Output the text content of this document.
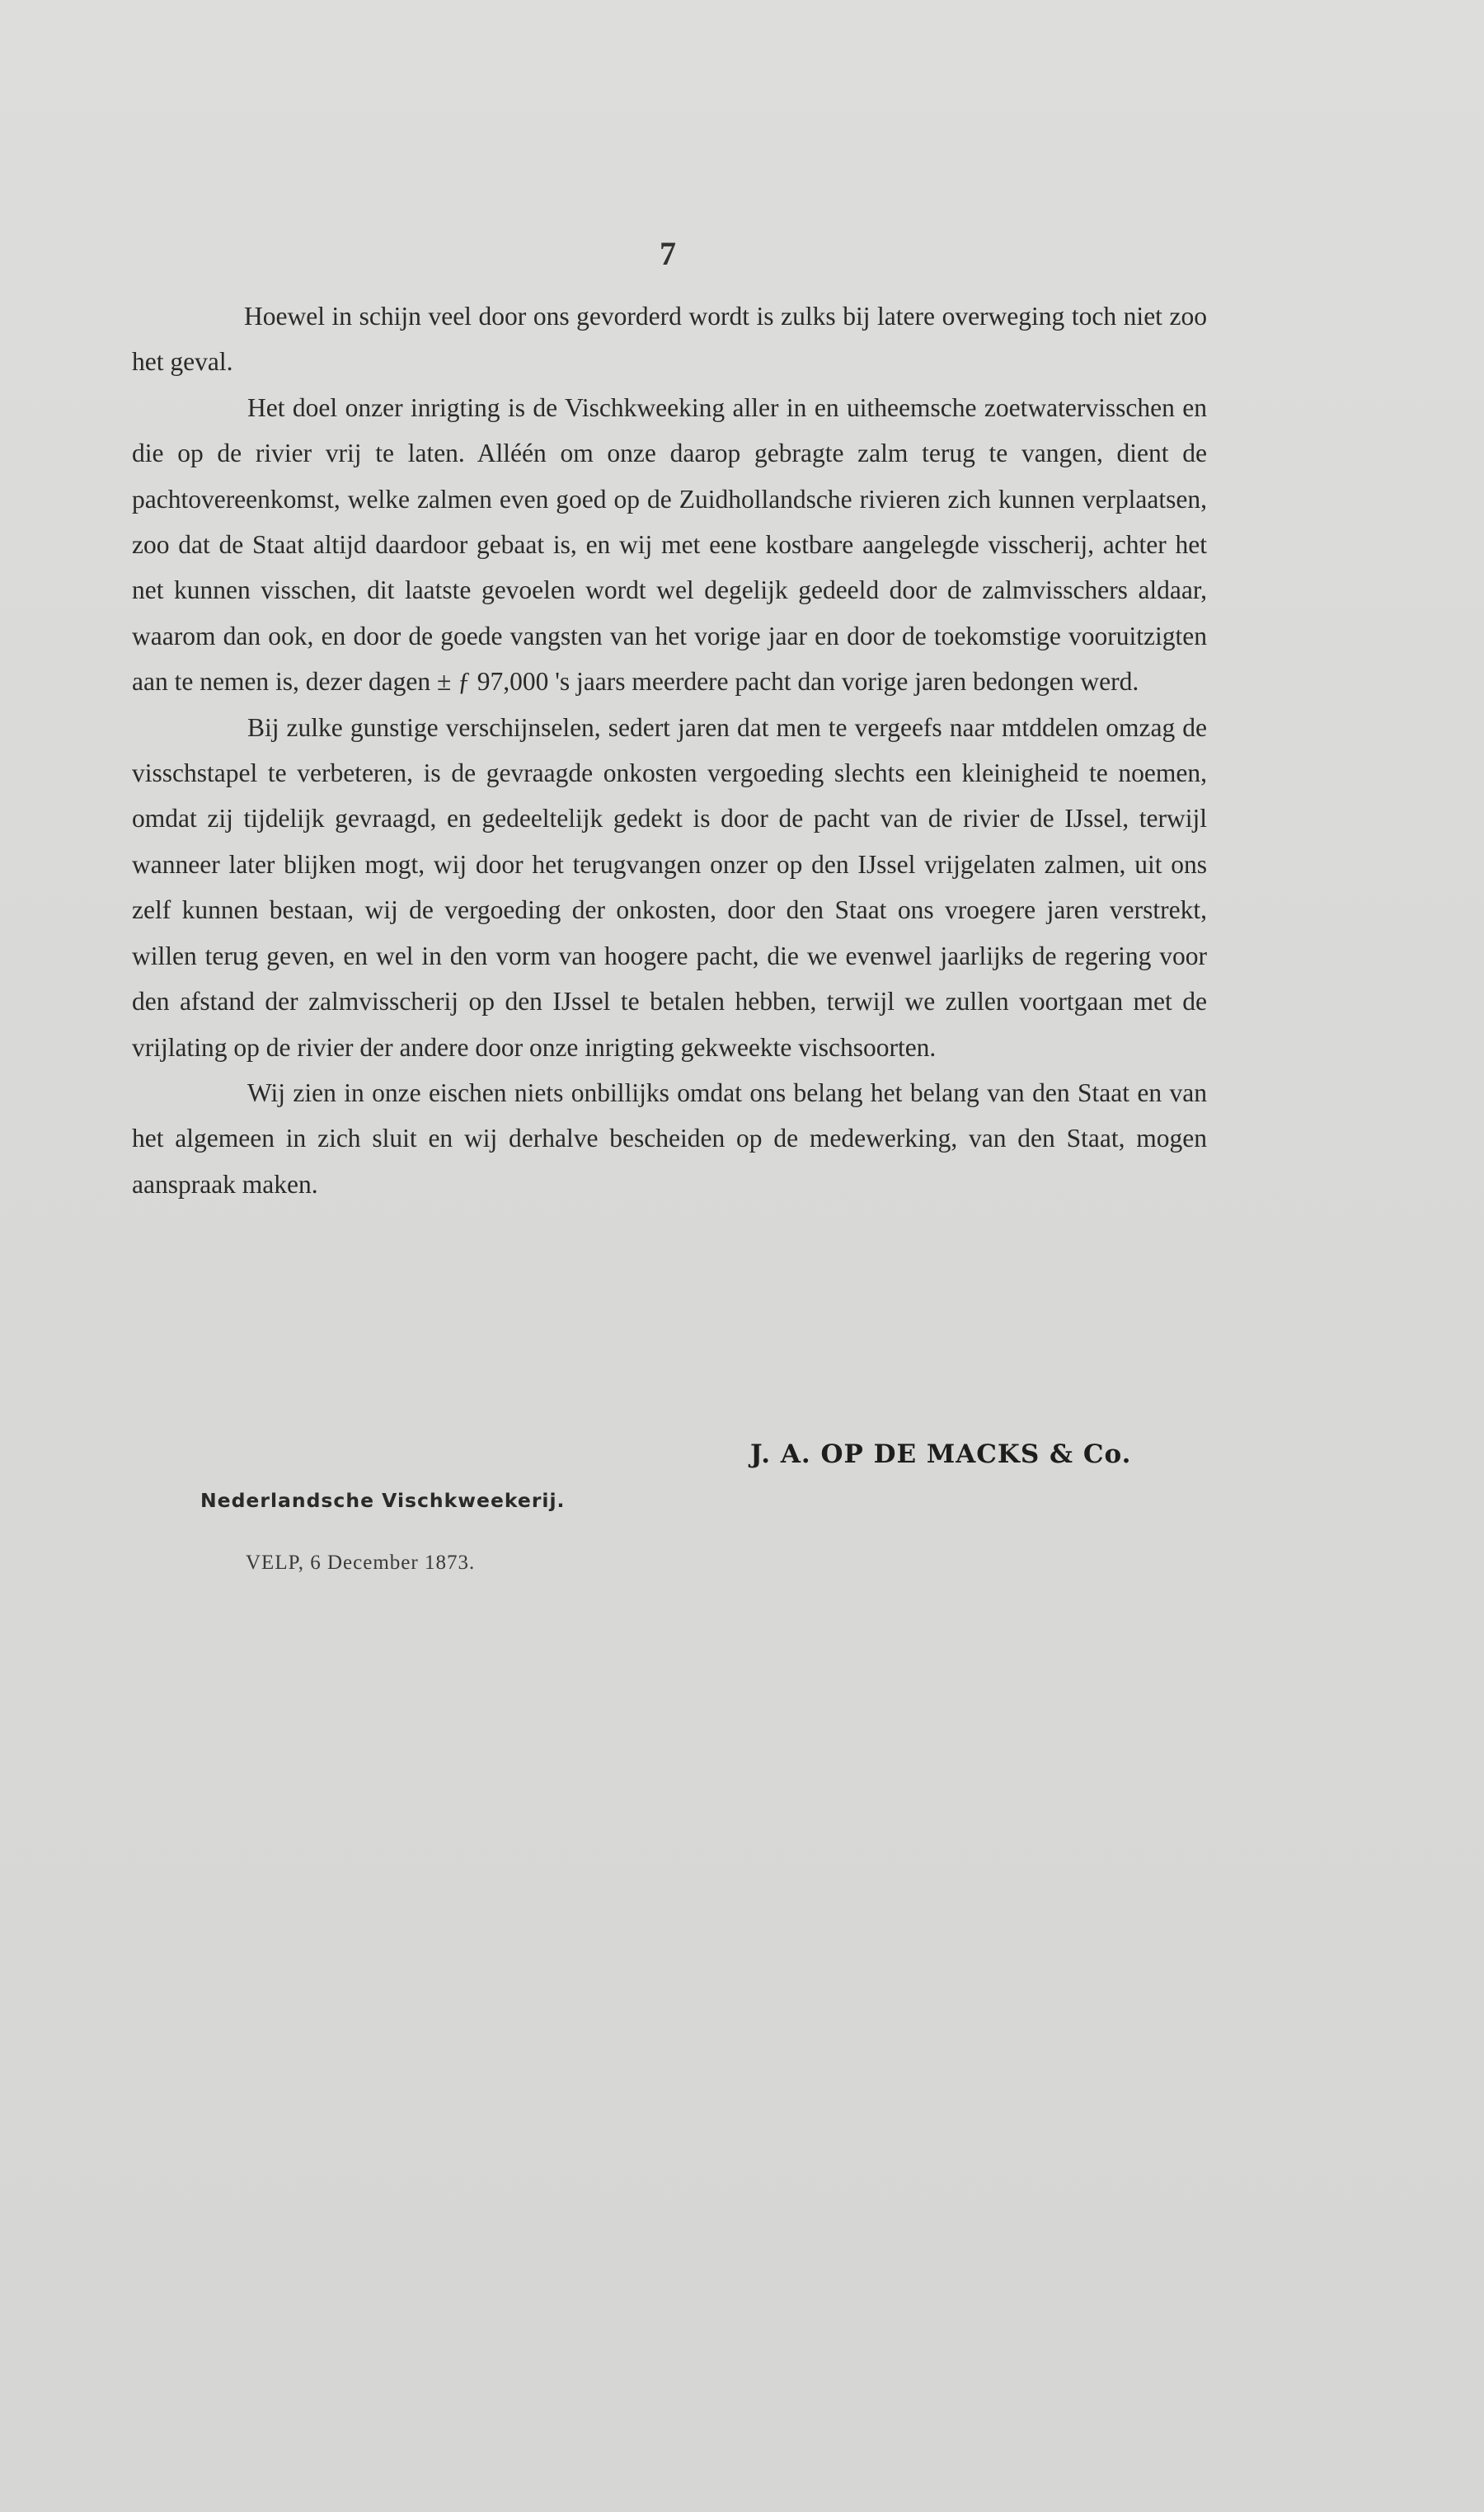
7

Hoewel in schijn veel door ons gevorderd wordt is zulks bij latere overweging toch niet zoo het geval.

Het doel onzer inrigting is de Vischkweeking aller in en uitheemsche zoetwatervisschen en die op de rivier vrij te laten. Alléén om onze daarop gebragte zalm terug te vangen, dient de pachtovereenkomst, welke zalmen even goed op de Zuidhollandsche rivieren zich kunnen verplaatsen, zoo dat de Staat altijd daardoor gebaat is, en wij met eene kostbare aangelegde visscherij, achter het net kunnen visschen, dit laatste gevoelen wordt wel degelijk gedeeld door de zalmvisschers aldaar, waarom dan ook, en door de goede vangsten van het vorige jaar en door de toekomstige vooruitzigten aan te nemen is, dezer dagen ± ƒ 97,000 's jaars meerdere pacht dan vorige jaren bedongen werd.

Bij zulke gunstige verschijnselen, sedert jaren dat men te vergeefs naar mtddelen omzag de visschstapel te verbeteren, is de gevraagde onkosten vergoeding slechts een kleinigheid te noemen, omdat zij tijdelijk gevraagd, en gedeeltelijk gedekt is door de pacht van de rivier de IJssel, terwijl wanneer later blijken mogt, wij door het terugvangen onzer op den IJssel vrijgelaten zalmen, uit ons zelf kunnen bestaan, wij de vergoeding der onkosten, door den Staat ons vroegere jaren verstrekt, willen terug geven, en wel in den vorm van hoogere pacht, die we evenwel jaarlijks de regering voor den afstand der zalmvisscherij op den IJssel te betalen hebben, terwijl we zullen voortgaan met de vrijlating op de rivier der andere door onze inrigting gekweekte vischsoorten.

Wij zien in onze eischen niets onbillijks omdat ons belang het belang van den Staat en van het algemeen in zich sluit en wij derhalve bescheiden op de medewerking, van den Staat, mogen aanspraak maken.

J. A. OP DE MACKS & Co.
Nederlandsche Vischkweekerij.
VELP, 6 December 1873.
